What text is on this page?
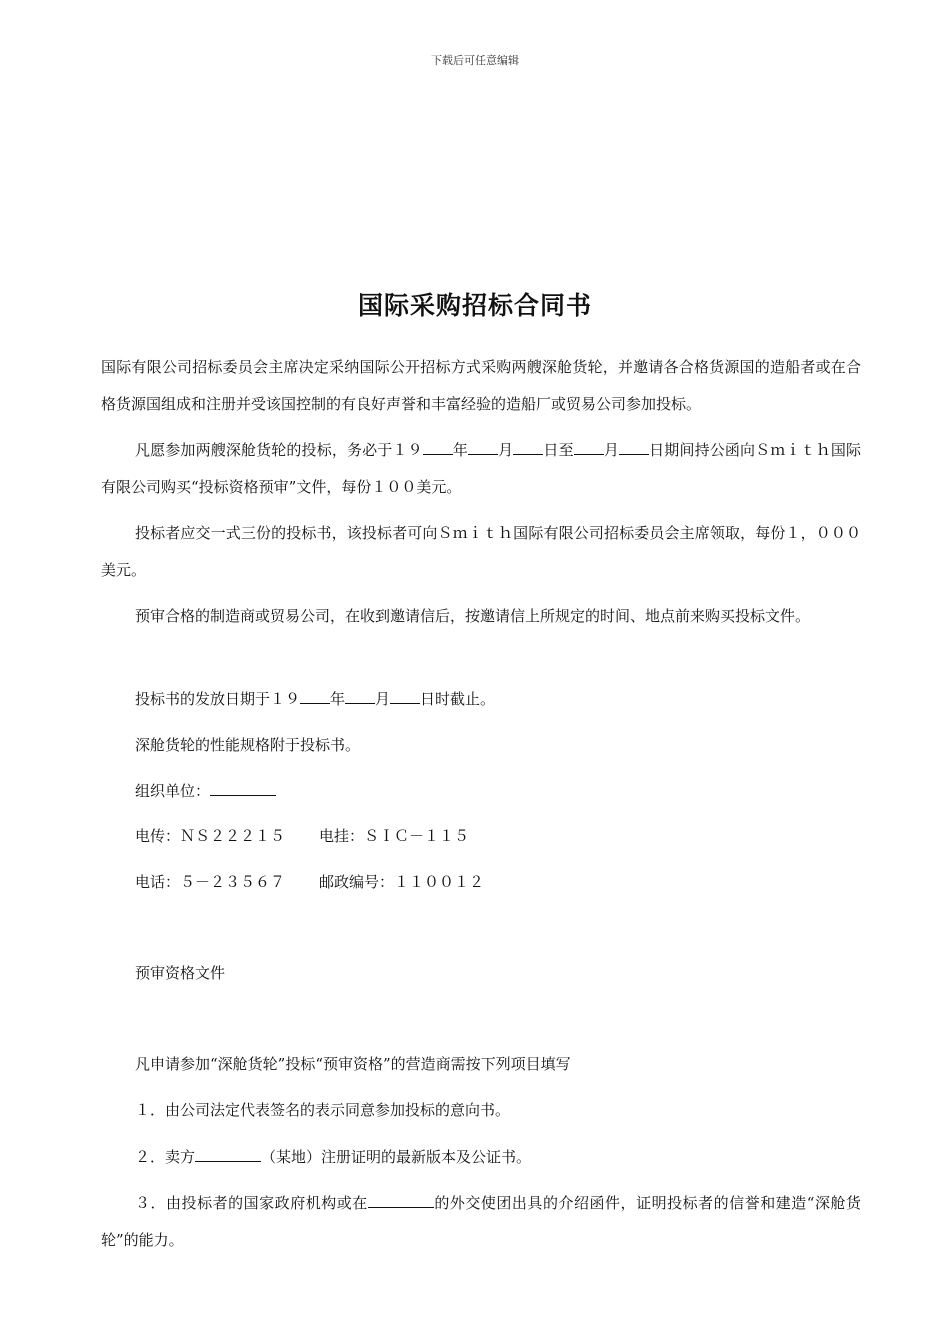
下载后可任意编辑
国际采购招标合同书
国际有限公司招标委员会主席决定采纳国际公开招标方式采购两艘深舱货轮，并邀请各合格货源国的造船者或在合格货源国组成和注册并受该国控制的有良好声誉和丰富经验的造船厂或贸易公司参加投标。
凡愿参加两艘深舱货轮的投标，务必于１９ 年 月 日至 月 日期间持公函向Ｓｍｉｔｈ国际有限公司购买“投标资格预审”文件，每份１００美元。
投标者应交一式三份的投标书，该投标者可向Ｓｍｉｔｈ国际有限公司招标委员会主席领取，每份１，０００美元。
预审合格的制造商或贸易公司，在收到邀请信后，按邀请信上所规定的时间、地点前来购买投标文件。
投标书的发放日期于１９ 年 月 日时截止。
深舱货轮的性能规格附于投标书。
组织单位：
电传：ＮＳ２２２１５ 电挂：ＳＩＣ－１１５
电话：５－２３５６７ 邮政编号：１１００１２
预审资格文件
凡申请参加“深舱货轮”投标“预审资格”的营造商需按下列项目填写
１．由公司法定代表签名的表示同意参加投标的意向书。
２．卖方	（某地）注册证明的最新版本及公证书。
３．由投标者的国家政府机构或在	的外交使团出具的介绍函件，证明投标者的信誉和建造“深舱货轮”的能力。
